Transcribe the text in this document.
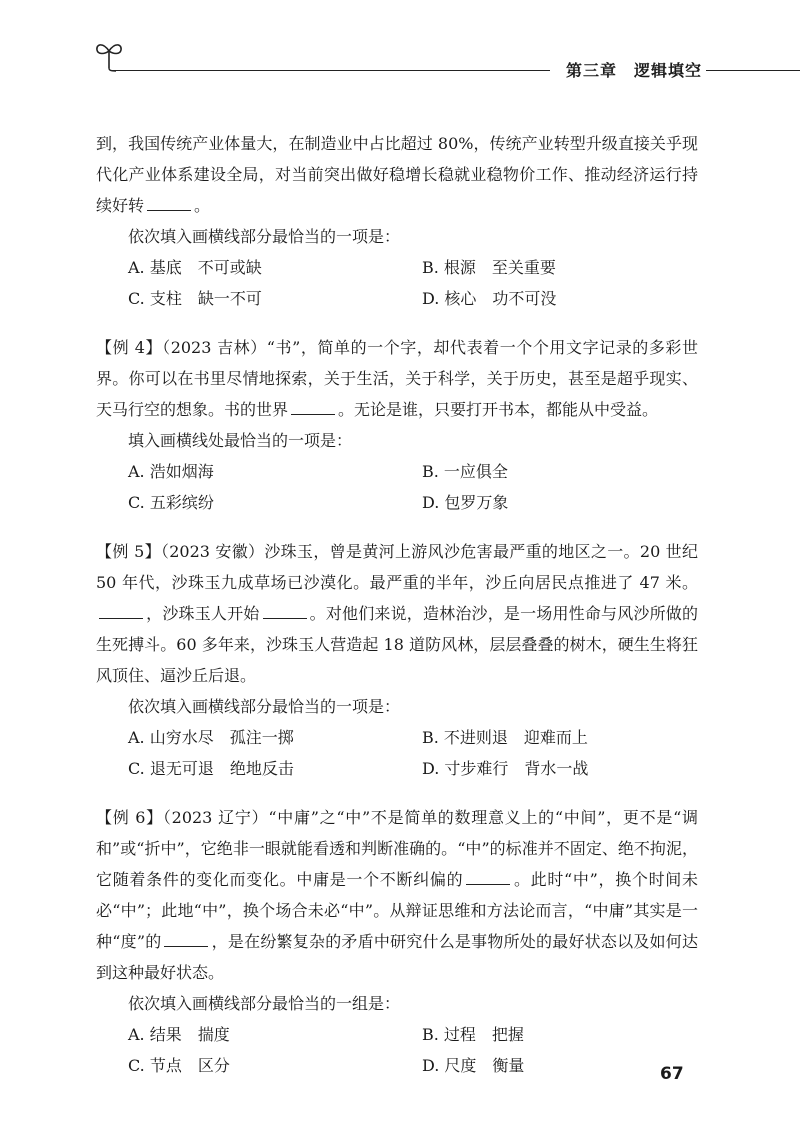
第三章　逻辑填空

到，我国传统产业体量大，在制造业中占比超过 80%，传统产业转型升级直接关乎现代化产业体系建设全局，对当前突出做好稳增长稳就业稳物价工作、推动经济运行持续好转	。

依次填入画横线部分最恰当的一项是：

A. 基底　不可或缺	B. 根源　至关重要
C. 支柱　缺一不可	D. 核心　功不可没

【例 4】（2023 吉林）“书”，简单的一个字，却代表着一个个用文字记录的多彩世界。你可以在书里尽情地探索，关于生活，关于科学，关于历史，甚至是超乎现实、天马行空的想象。书的世界	。无论是谁，只要打开书本，都能从中受益。

填入画横线处最恰当的一项是：

A. 浩如烟海	B. 一应俱全
C. 五彩缤纷	D. 包罗万象

【例 5】（2023 安徽）沙珠玉，曾是黄河上游风沙危害最严重的地区之一。20 世纪 50 年代，沙珠玉九成草场已沙漠化。最严重的半年，沙丘向居民点推进了 47 米。，沙珠玉人开始	。对他们来说，造林治沙，是一场用性命与风沙所做的生死搏斗。60 多年来，沙珠玉人营造起 18 道防风林，层层叠叠的树木，硬生生将狂风顶住、逼沙丘后退。

依次填入画横线部分最恰当的一项是：

A. 山穷水尽　孤注一掷	B. 不进则退　迎难而上
C. 退无可退　绝地反击	D. 寸步难行　背水一战

【例 6】（2023 辽宁）“中庸”之“中”不是简单的数理意义上的“中间”，更不是“调和”或“折中”，它绝非一眼就能看透和判断准确的。“中”的标准并不固定、绝不拘泥，它随着条件的变化而变化。中庸是一个不断纠偏的	。此时“中”，换个时间未必“中”；此地“中”，换个场合未必“中”。从辩证思维和方法论而言，“中庸”其实是一种“度”的	，是在纷繁复杂的矛盾中研究什么是事物所处的最好状态以及如何达到这种最好状态。

依次填入画横线部分最恰当的一组是：

A. 结果　揣度	B. 过程　把握
C. 节点　区分	D. 尺度　衡量	67
